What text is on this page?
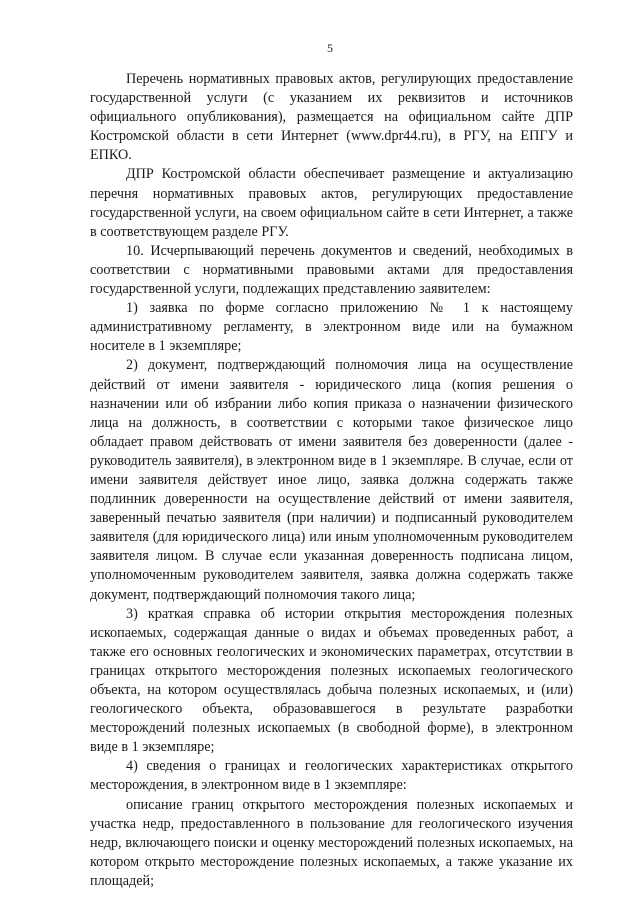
5

Перечень нормативных правовых актов, регулирующих предоставление государственной услуги (с указанием их реквизитов и источников официального опубликования), размещается на официальном сайте ДПР Костромской области в сети Интернет (www.dpr44.ru), в РГУ, на ЕПГУ и ЕПКО.

ДПР Костромской области обеспечивает размещение и актуализацию перечня нормативных правовых актов, регулирующих предоставление государственной услуги, на своем официальном сайте в сети Интернет, а также в соответствующем разделе РГУ.

10. Исчерпывающий перечень документов и сведений, необходимых в соответствии с нормативными правовыми актами для предоставления государственной услуги, подлежащих представлению заявителем:

1) заявка по форме согласно приложению № 1 к настоящему административному регламенту, в электронном виде или на бумажном носителе в 1 экземпляре;

2) документ, подтверждающий полномочия лица на осуществление действий от имени заявителя - юридического лица (копия решения о назначении или об избрании либо копия приказа о назначении физического лица на должность, в соответствии с которыми такое физическое лицо обладает правом действовать от имени заявителя без доверенности (далее - руководитель заявителя), в электронном виде в 1 экземпляре. В случае, если от имени заявителя действует иное лицо, заявка должна содержать также подлинник доверенности на осуществление действий от имени заявителя, заверенный печатью заявителя (при наличии) и подписанный руководителем заявителя (для юридического лица) или иным уполномоченным руководителем заявителя лицом. В случае если указанная доверенность подписана лицом, уполномоченным руководителем заявителя, заявка должна содержать также документ, подтверждающий полномочия такого лица;

3) краткая справка об истории открытия месторождения полезных ископаемых, содержащая данные о видах и объемах проведенных работ, а также его основных геологических и экономических параметрах, отсутствии в границах открытого месторождения полезных ископаемых геологического объекта, на котором осуществлялась добыча полезных ископаемых, и (или) геологического объекта, образовавшегося в результате разработки месторождений полезных ископаемых (в свободной форме), в электронном виде в 1 экземпляре;

4) сведения о границах и геологических характеристиках открытого месторождения, в электронном виде в 1 экземпляре:

описание границ открытого месторождения полезных ископаемых и участка недр, предоставленного в пользование для геологического изучения недр, включающего поиски и оценку месторождений полезных ископаемых, на котором открыто месторождение полезных ископаемых, а также указание их площадей;
